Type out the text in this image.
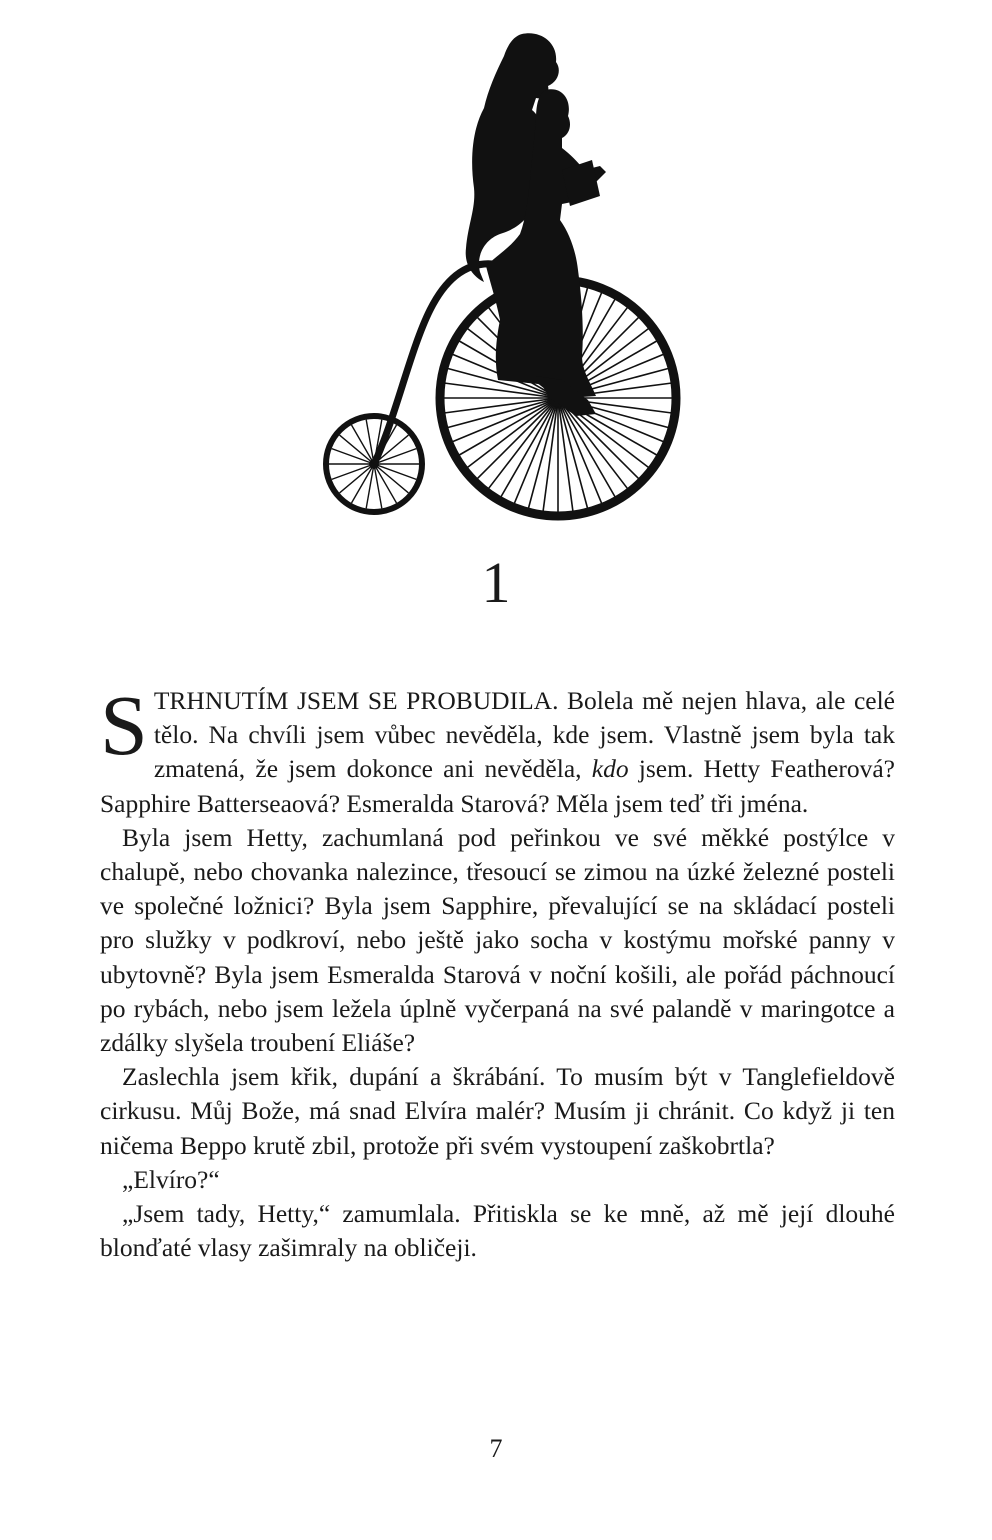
1

STRHNUTÍM JSEM SE PROBUDILA. Bolela mě nejen hlava, ale celé tělo. Na chvíli jsem vůbec nevěděla, kde jsem. Vlastně jsem byla tak zmatená, že jsem dokonce ani nevěděla, kdo jsem. Hetty Featherová? Sapphire Batterseaová? Esmeralda Starová? Měla jsem teď tři jména.

Byla jsem Hetty, zachumlaná pod peřinkou ve své měkké postýlce v chalupě, nebo chovanka nalezince, třesoucí se zimou na úzké železné posteli ve společné ložnici? Byla jsem Sapphire, převalující se na skládací posteli pro služky v podkroví, nebo ještě jako socha v kostýmu mořské panny v ubytovně? Byla jsem Esmeralda Starová v noční košili, ale pořád páchnoucí po rybách, nebo jsem ležela úplně vyčerpaná na své palandě v maringotce a zdálky slyšela troubení Eliáše?

Zaslechla jsem křik, dupání a škrábání. To musím být v Tanglefieldově cirkusu. Můj Bože, má snad Elvíra malér? Musím ji chránit. Co když ji ten ničema Beppo krutě zbil, protože při svém vystoupení zaškobrtla?

„Elvíro?“

„Jsem tady, Hetty,“ zamumlala. Přitiskla se ke mně, až mě její dlouhé blonďaté vlasy zašimraly na obličeji.

7
